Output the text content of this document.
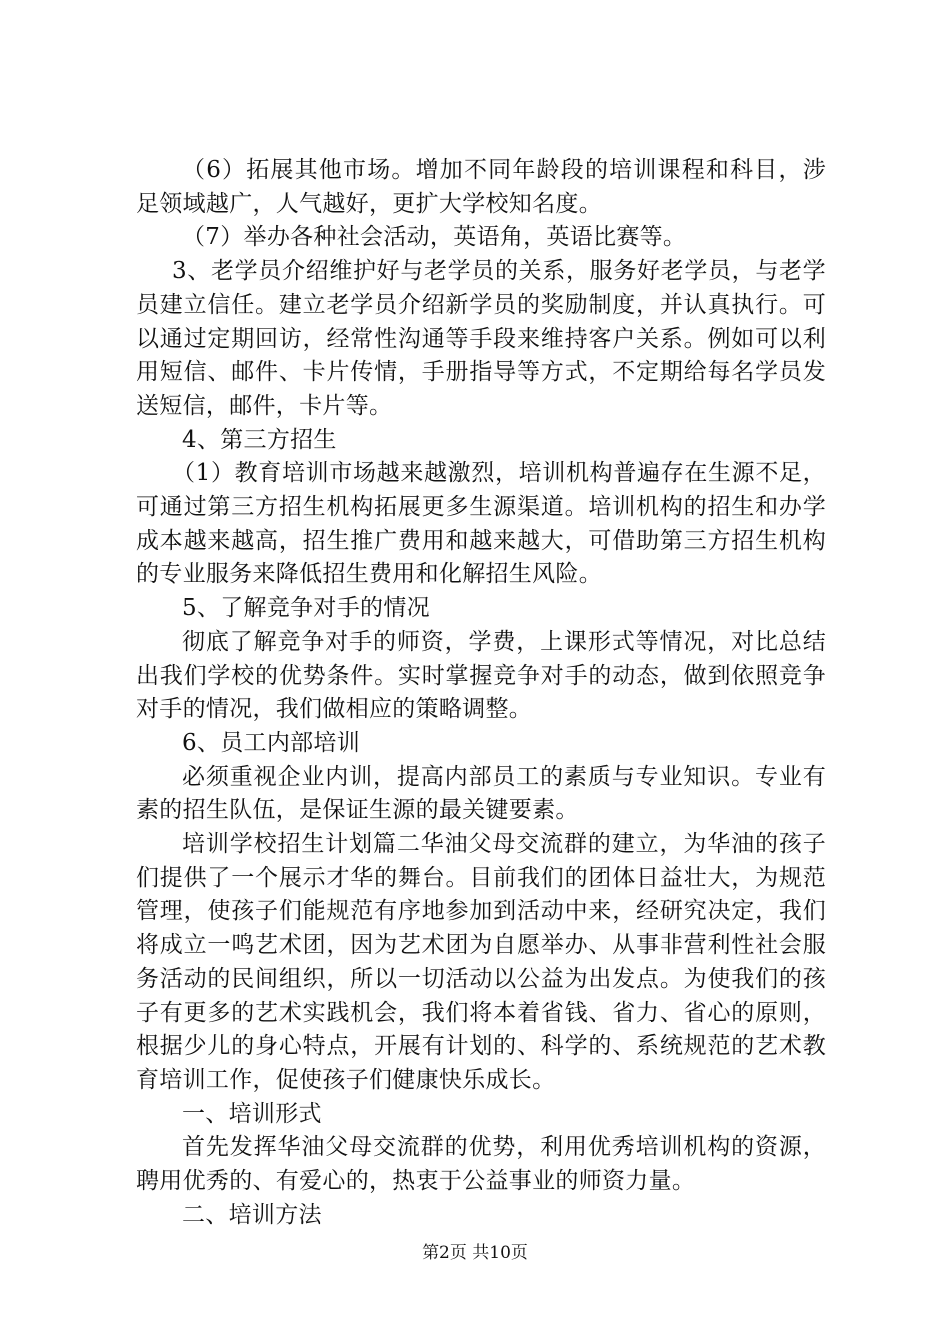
（6）拓展其他市场。增加不同年龄段的培训课程和科目，涉足领域越广，人气越好，更扩大学校知名度。

（7）举办各种社会活动，英语角，英语比赛等。

3、老学员介绍维护好与老学员的关系，服务好老学员，与老学员建立信任。建立老学员介绍新学员的奖励制度，并认真执行。可以通过定期回访，经常性沟通等手段来维持客户关系。例如可以利用短信、邮件、卡片传情，手册指导等方式，不定期给每名学员发送短信，邮件，卡片等。

4、第三方招生

（1）教育培训市场越来越激烈，培训机构普遍存在生源不足，可通过第三方招生机构拓展更多生源渠道。培训机构的招生和办学成本越来越高，招生推广费用和越来越大，可借助第三方招生机构的专业服务来降低招生费用和化解招生风险。

5、了解竞争对手的情况

彻底了解竞争对手的师资，学费，上课形式等情况，对比总结出我们学校的优势条件。实时掌握竞争对手的动态，做到依照竞争对手的情况，我们做相应的策略调整。

6、员工内部培训

必须重视企业内训，提高内部员工的素质与专业知识。专业有素的招生队伍，是保证生源的最关键要素。

培训学校招生计划篇二华油父母交流群的建立，为华油的孩子们提供了一个展示才华的舞台。目前我们的团体日益壮大，为规范管理，使孩子们能规范有序地参加到活动中来，经研究决定，我们将成立一鸣艺术团，因为艺术团为自愿举办、从事非营利性社会服务活动的民间组织，所以一切活动以公益为出发点。为使我们的孩子有更多的艺术实践机会，我们将本着省钱、省力、省心的原则，根据少儿的身心特点，开展有计划的、科学的、系统规范的艺术教育培训工作，促使孩子们健康快乐成长。

一、培训形式

首先发挥华油父母交流群的优势，利用优秀培训机构的资源，聘用优秀的、有爱心的，热衷于公益事业的师资力量。

二、培训方法

第2页 共10页
